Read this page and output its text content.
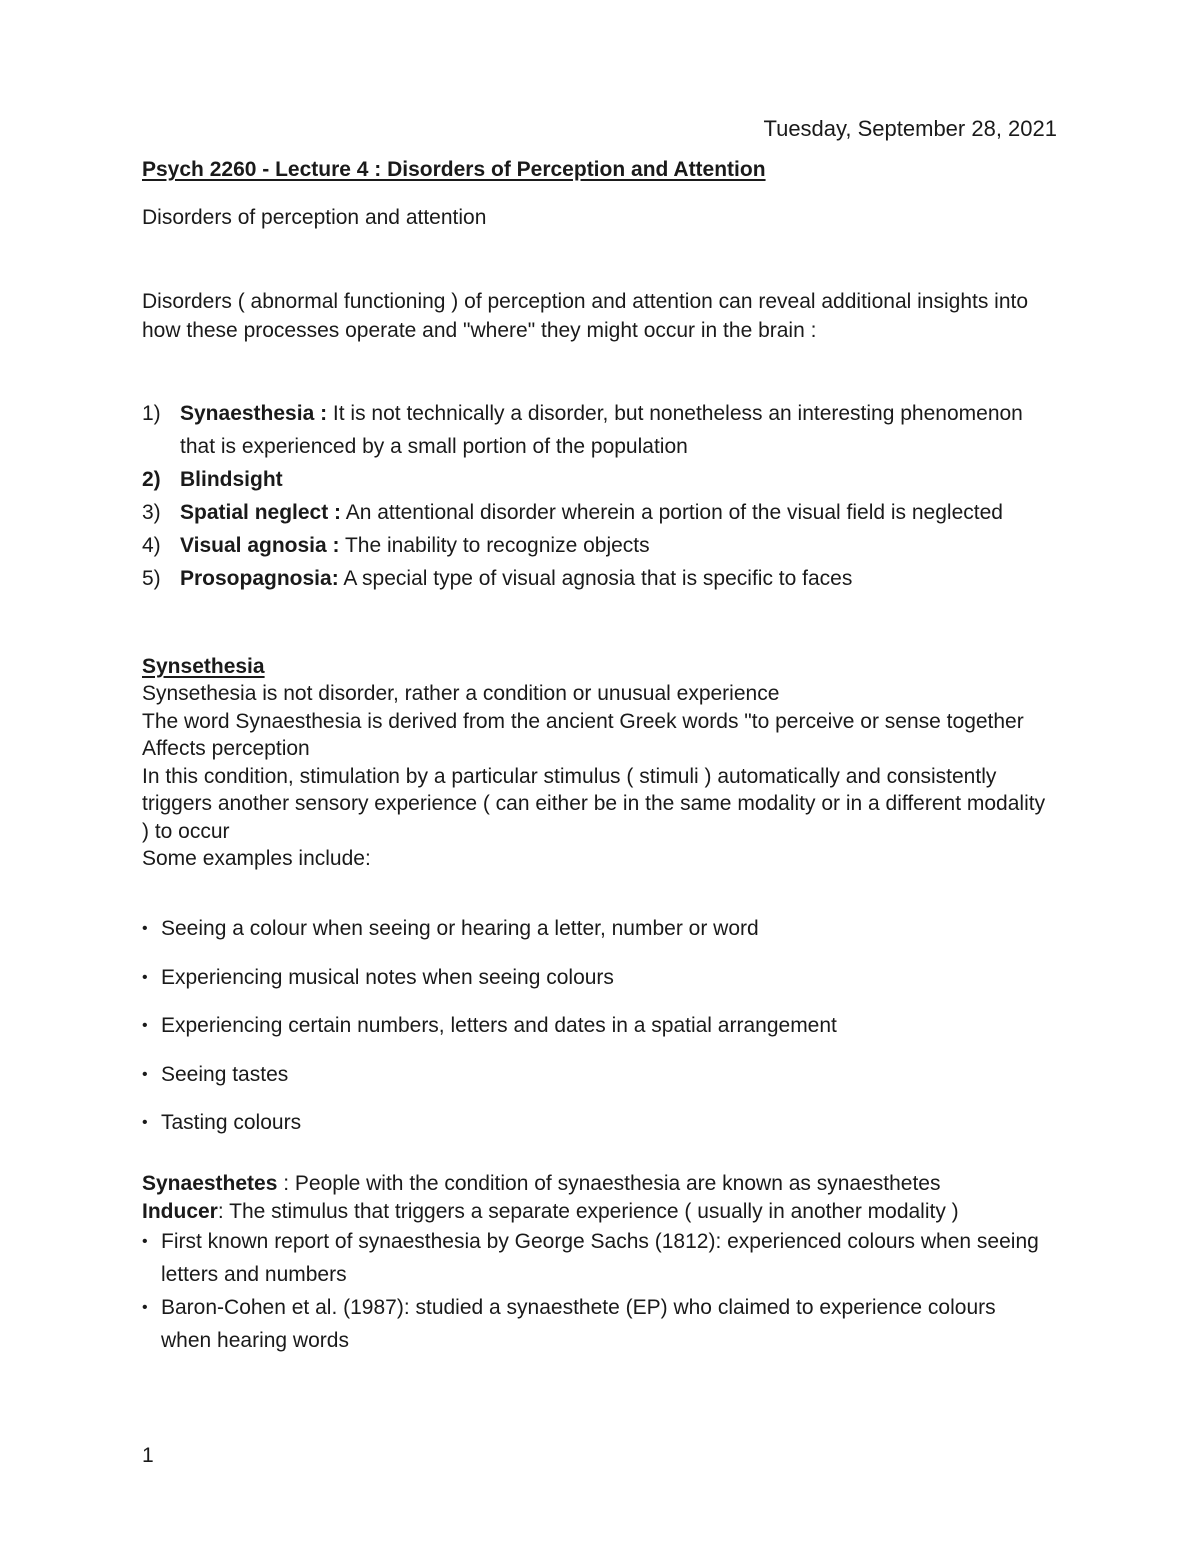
Tuesday, September 28, 2021
Psych 2260 - Lecture 4 : Disorders of Perception and Attention
Disorders of perception and attention
Disorders ( abnormal functioning ) of perception and attention can reveal additional insights into how these processes operate and "where" they might occur in the brain :
1) Synaesthesia : It is not technically a disorder, but nonetheless an interesting phenomenon that is experienced by a small portion of the population
2) Blindsight
3) Spatial neglect : An attentional disorder wherein a portion of the visual field is neglected
4) Visual agnosia : The inability to recognize objects
5) Prosopagnosia: A special type of visual agnosia that is specific to faces
Synsethesia
Synsethesia is not disorder, rather a condition or unusual experience
The word Synaesthesia is derived from the ancient Greek words "to perceive or sense together
Affects perception
In this condition, stimulation by a particular stimulus ( stimuli ) automatically and consistently triggers another sensory experience ( can either be in the same modality or in a different modality ) to occur
Some examples include:
• Seeing a colour when seeing or hearing a letter, number or word
• Experiencing musical notes when seeing colours
• Experiencing certain numbers, letters and dates in a spatial arrangement
• Seeing tastes
• Tasting colours
Synaesthetes : People with the condition of synaesthesia are known as synaesthetes
Inducer: The stimulus that triggers a separate experience ( usually in another modality )
• First known report of synaesthesia by George Sachs (1812): experienced colours when seeing letters and numbers
• Baron-Cohen et al. (1987): studied a synaesthete (EP) who claimed to experience colours when hearing words
1
